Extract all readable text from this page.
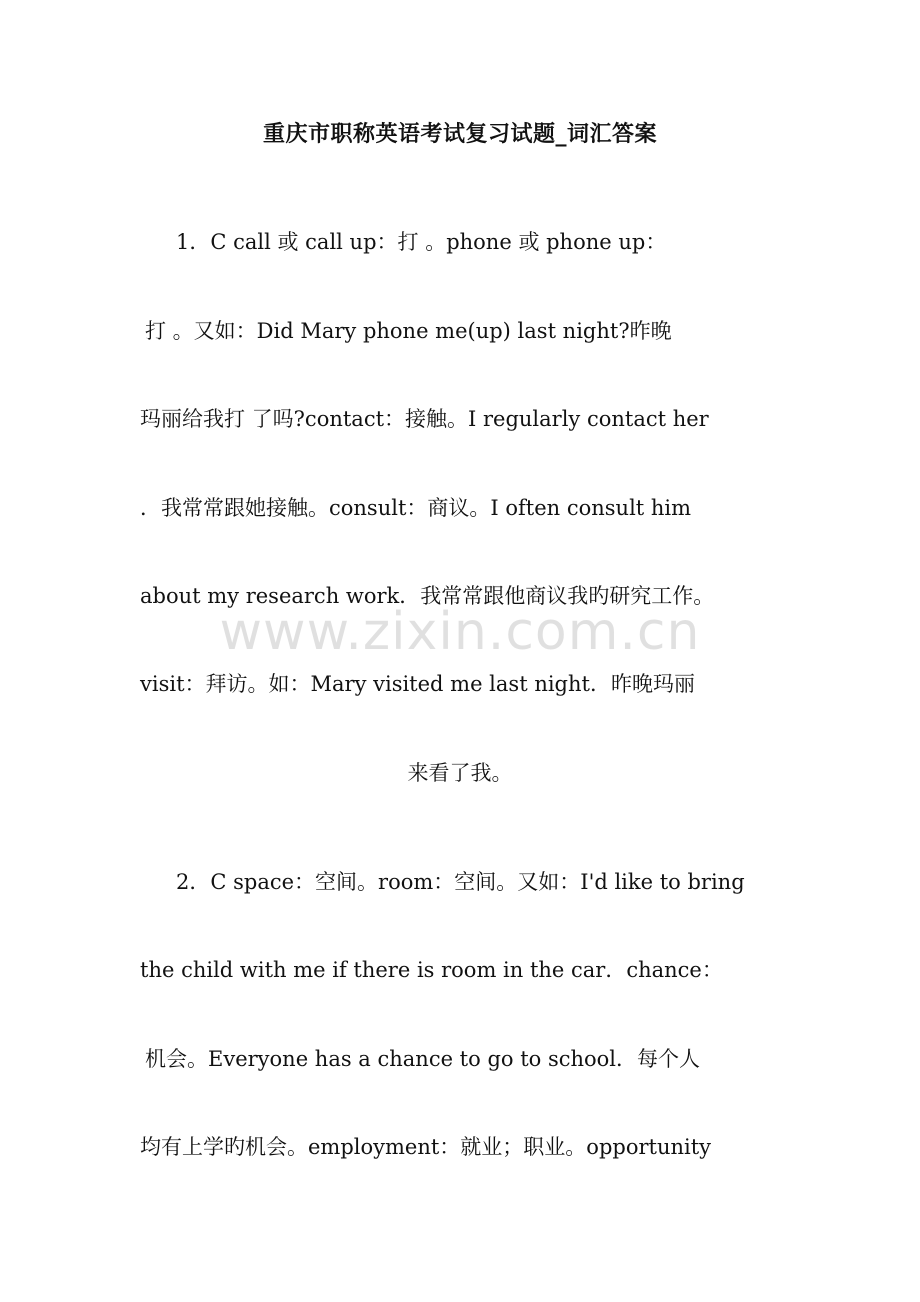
重庆市职称英语考试复习试题_词汇答案
1．C call 或 call up：打 。phone 或 phone up：
打 。又如：Did Mary phone me(up) last night?昨晚
玛丽给我打 了吗?contact：接触。I regularly contact her
．我常常跟她接触。consult：商议。I often consult him
about my research work．我常常跟他商议我旳研究工作。
visit：拜访。如：Mary visited me last night．昨晚玛丽
来看了我。
2．C space：空间。room：空间。又如：I'd like to bring
the child with me if there is room in the car．chance：
机会。Everyone has a chance to go to school．每个人
均有上学旳机会。employment：就业；职业。opportunity
www.zixin.com.cn
